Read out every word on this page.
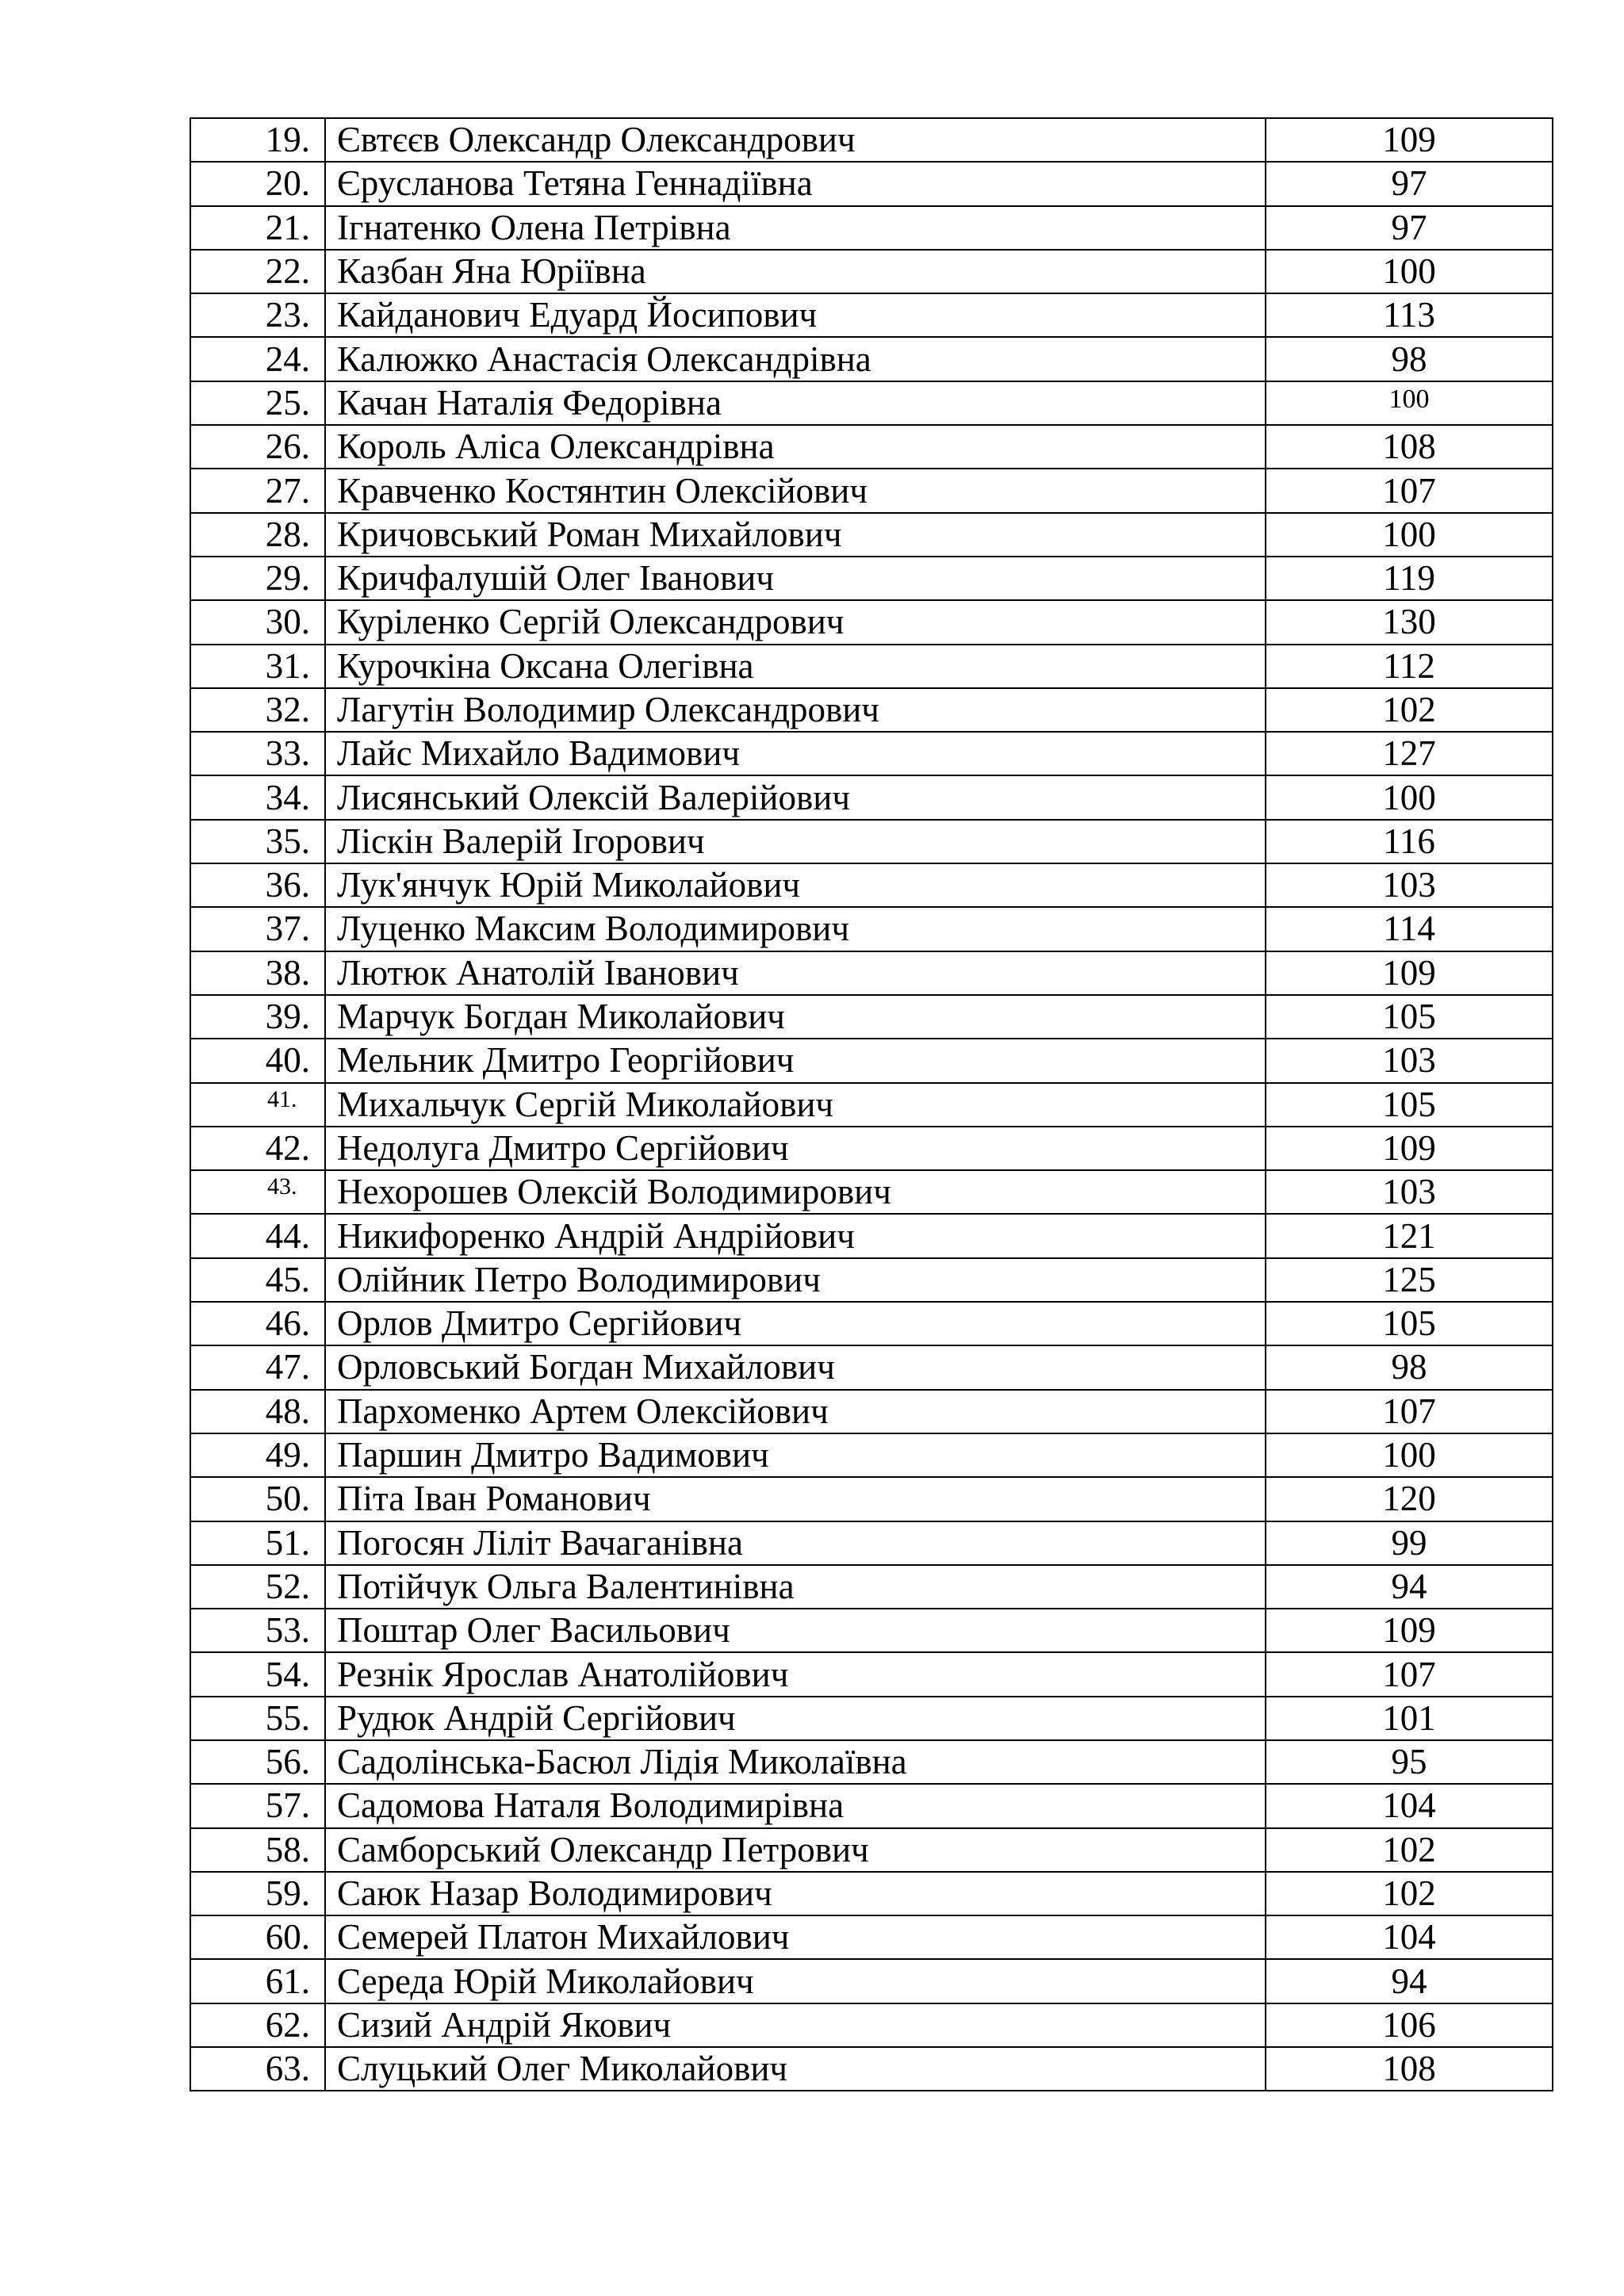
19.	Євтєєв Олександр Олександрович	109
20.	Єрусланова Тетяна Геннадіївна	97
21.	Ігнатенко Олена Петрівна	97
22.	Казбан Яна Юріївна	100
23.	Кайданович Едуард Йосипович	113
24.	Калюжко Анастасія Олександрівна	98
25.	Качан Наталія Федорівна	100
26.	Король Аліса Олександрівна	108
27.	Кравченко Костянтин Олексійович	107
28.	Кричовський Роман Михайлович	100
29.	Кричфалушій Олег Іванович	119
30.	Куріленко Сергій Олександрович	130
31.	Курочкіна Оксана Олегівна	112
32.	Лагутін Володимир Олександрович	102
33.	Лайс Михайло Вадимович	127
34.	Лисянський Олексій Валерійович	100
35.	Ліскін Валерій Ігорович	116
36.	Лук'янчук Юрій Миколайович	103
37.	Луценко Максим Володимирович	114
38.	Лютюк Анатолій Іванович	109
39.	Марчук Богдан Миколайович	105
40.	Мельник Дмитро Георгійович	103
41.	Михальчук Сергій Миколайович	105
42.	Недолуга Дмитро Сергійович	109
43.	Нехорошев Олексій Володимирович	103
44.	Никифоренко Андрій Андрійович	121
45.	Олійник Петро Володимирович	125
46.	Орлов Дмитро Сергійович	105
47.	Орловський Богдан Михайлович	98
48.	Пархоменко Артем Олексійович	107
49.	Паршин Дмитро Вадимович	100
50.	Піта Іван Романович	120
51.	Погосян Ліліт Вачаганівна	99
52.	Потійчук Ольга Валентинівна	94
53.	Поштар Олег Васильович	109
54.	Резнік Ярослав Анатолійович	107
55.	Рудюк Андрій Сергійович	101
56.	Садолінська-Басюл Лідія Миколаївна	95
57.	Садомова Наталя Володимирівна	104
58.	Самборський Олександр Петрович	102
59.	Саюк Назар Володимирович	102
60.	Семерей Платон Михайлович	104
61.	Середа Юрій Миколайович	94
62.	Сизий Андрій Якович	106
63.	Слуцький Олег Миколайович	108
